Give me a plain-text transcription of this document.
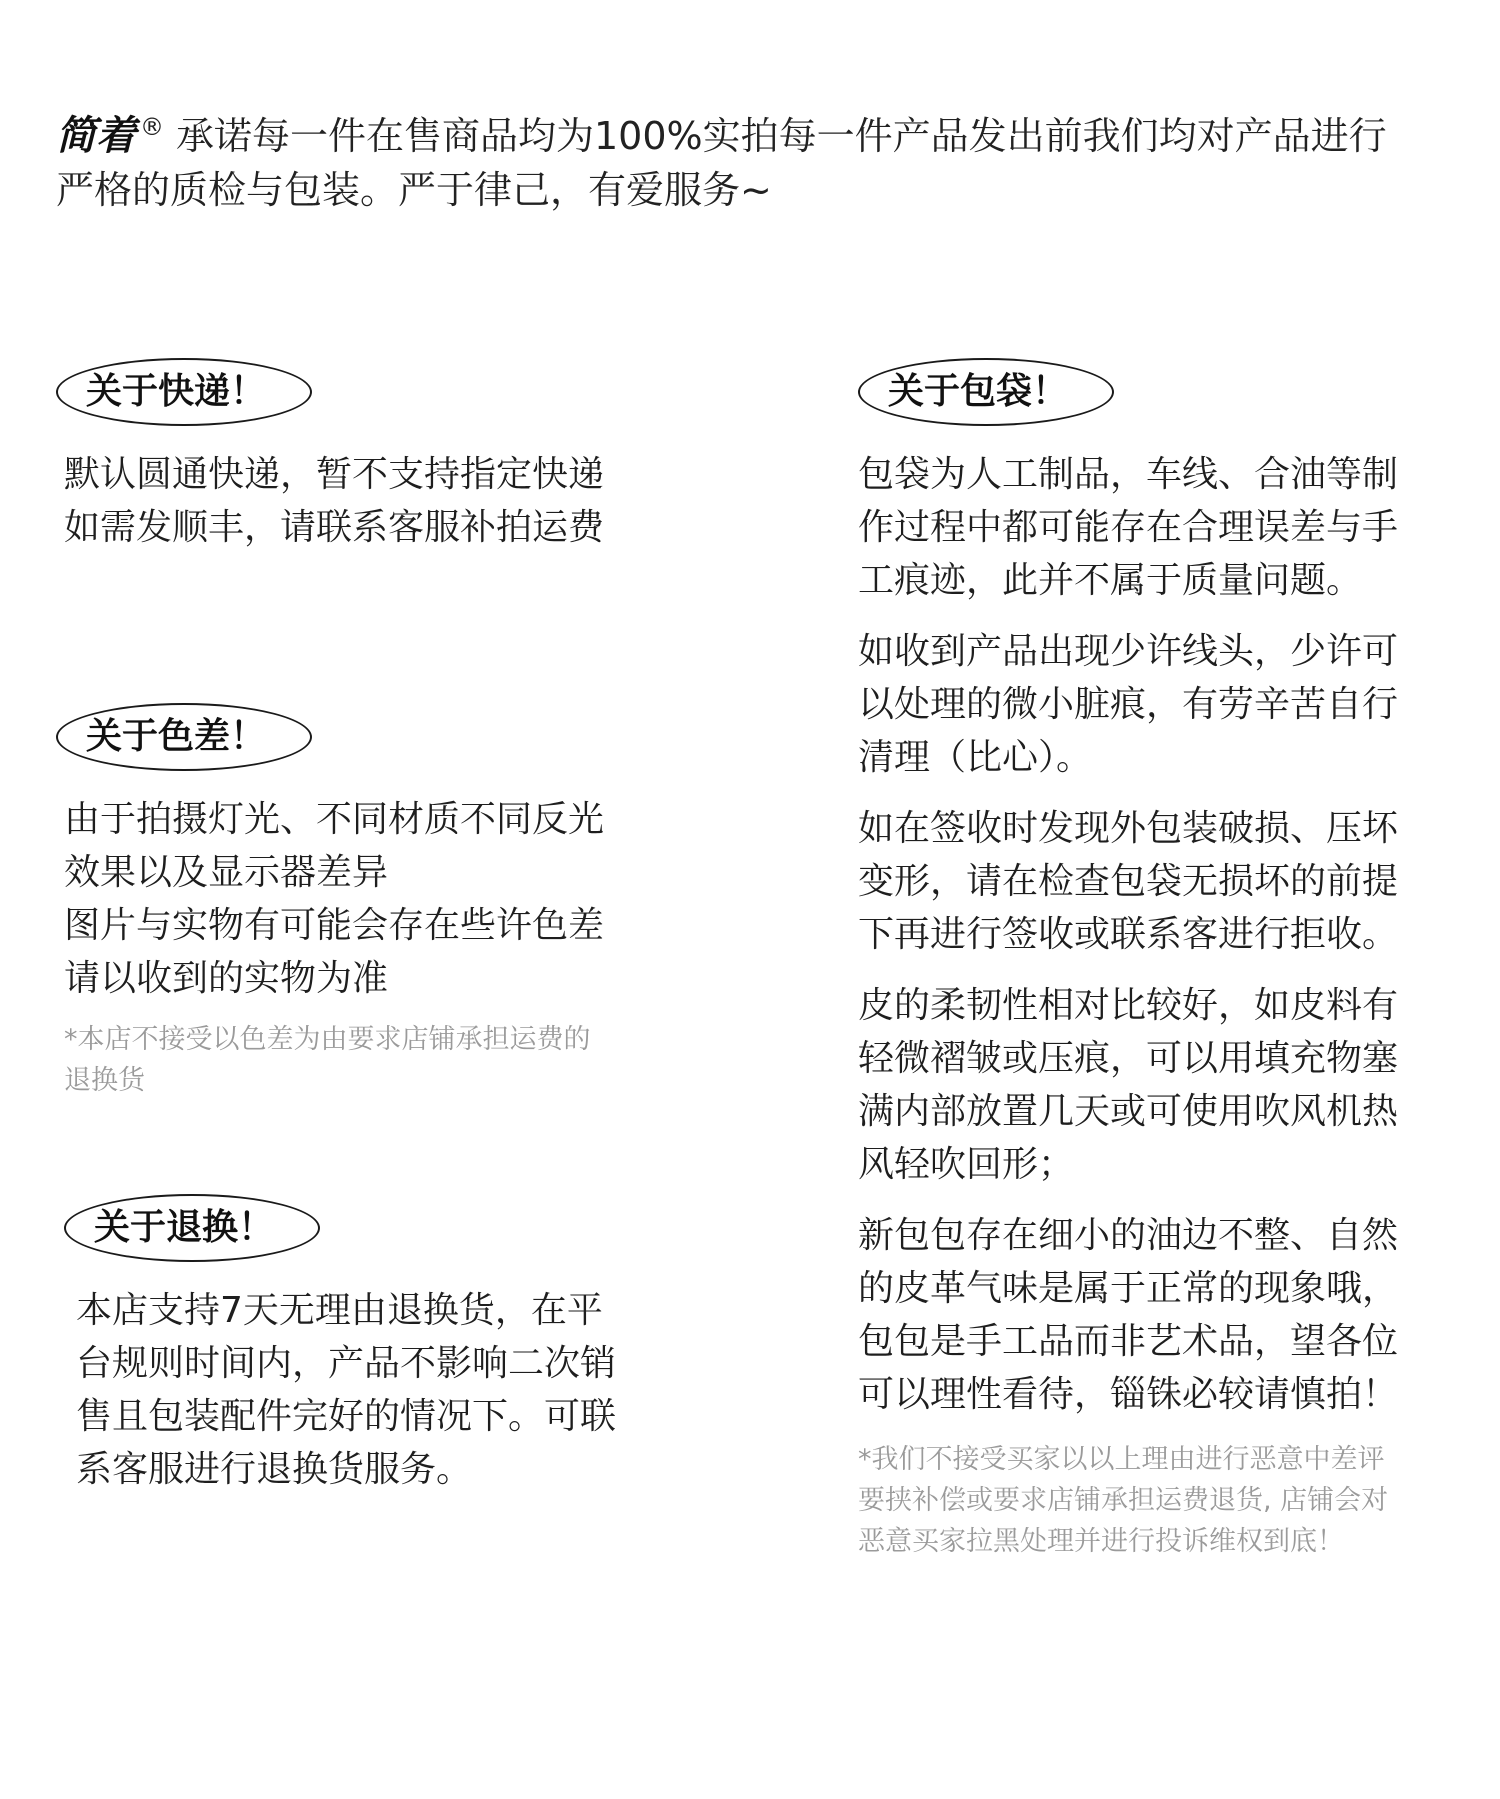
简着 ® 承诺每一件在售商品均为100%实拍每一件产品发出前我们均对产品进行
严格的质检与包装。严于律己，有爱服务~
关于快递！
默认圆通快递，暂不支持指定快递
如需发顺丰，请联系客服补拍运费
关于色差！
由于拍摄灯光、不同材质不同反光
效果以及显示器差异
图片与实物有可能会存在些许色差
请以收到的实物为准
*本店不接受以色差为由要求店铺承担运费的
退换货
关于退换！
本店支持7天无理由退换货，在平
台规则时间内，产品不影响二次销
售且包装配件完好的情况下。可联
系客服进行退换货服务。
关于包袋！
包袋为人工制品，车线、合油等制
作过程中都可能存在合理误差与手
工痕迹，此并不属于质量问题。
如收到产品出现少许线头，少许可
以处理的微小脏痕，有劳辛苦自行
清理（比心）。
如在签收时发现外包装破损、压坏
变形，请在检查包袋无损坏的前提
下再进行签收或联系客进行拒收。
皮的柔韧性相对比较好，如皮料有
轻微褶皱或压痕，可以用填充物塞
满内部放置几天或可使用吹风机热
风轻吹回形；
新包包存在细小的油边不整、自然
的皮革气味是属于正常的现象哦，
包包是手工品而非艺术品，望各位
可以理性看待，锱铢必较请慎拍！
*我们不接受买家以以上理由进行恶意中差评
要挟补偿或要求店铺承担运费退货, 店铺会对
恶意买家拉黑处理并进行投诉维权到底！
